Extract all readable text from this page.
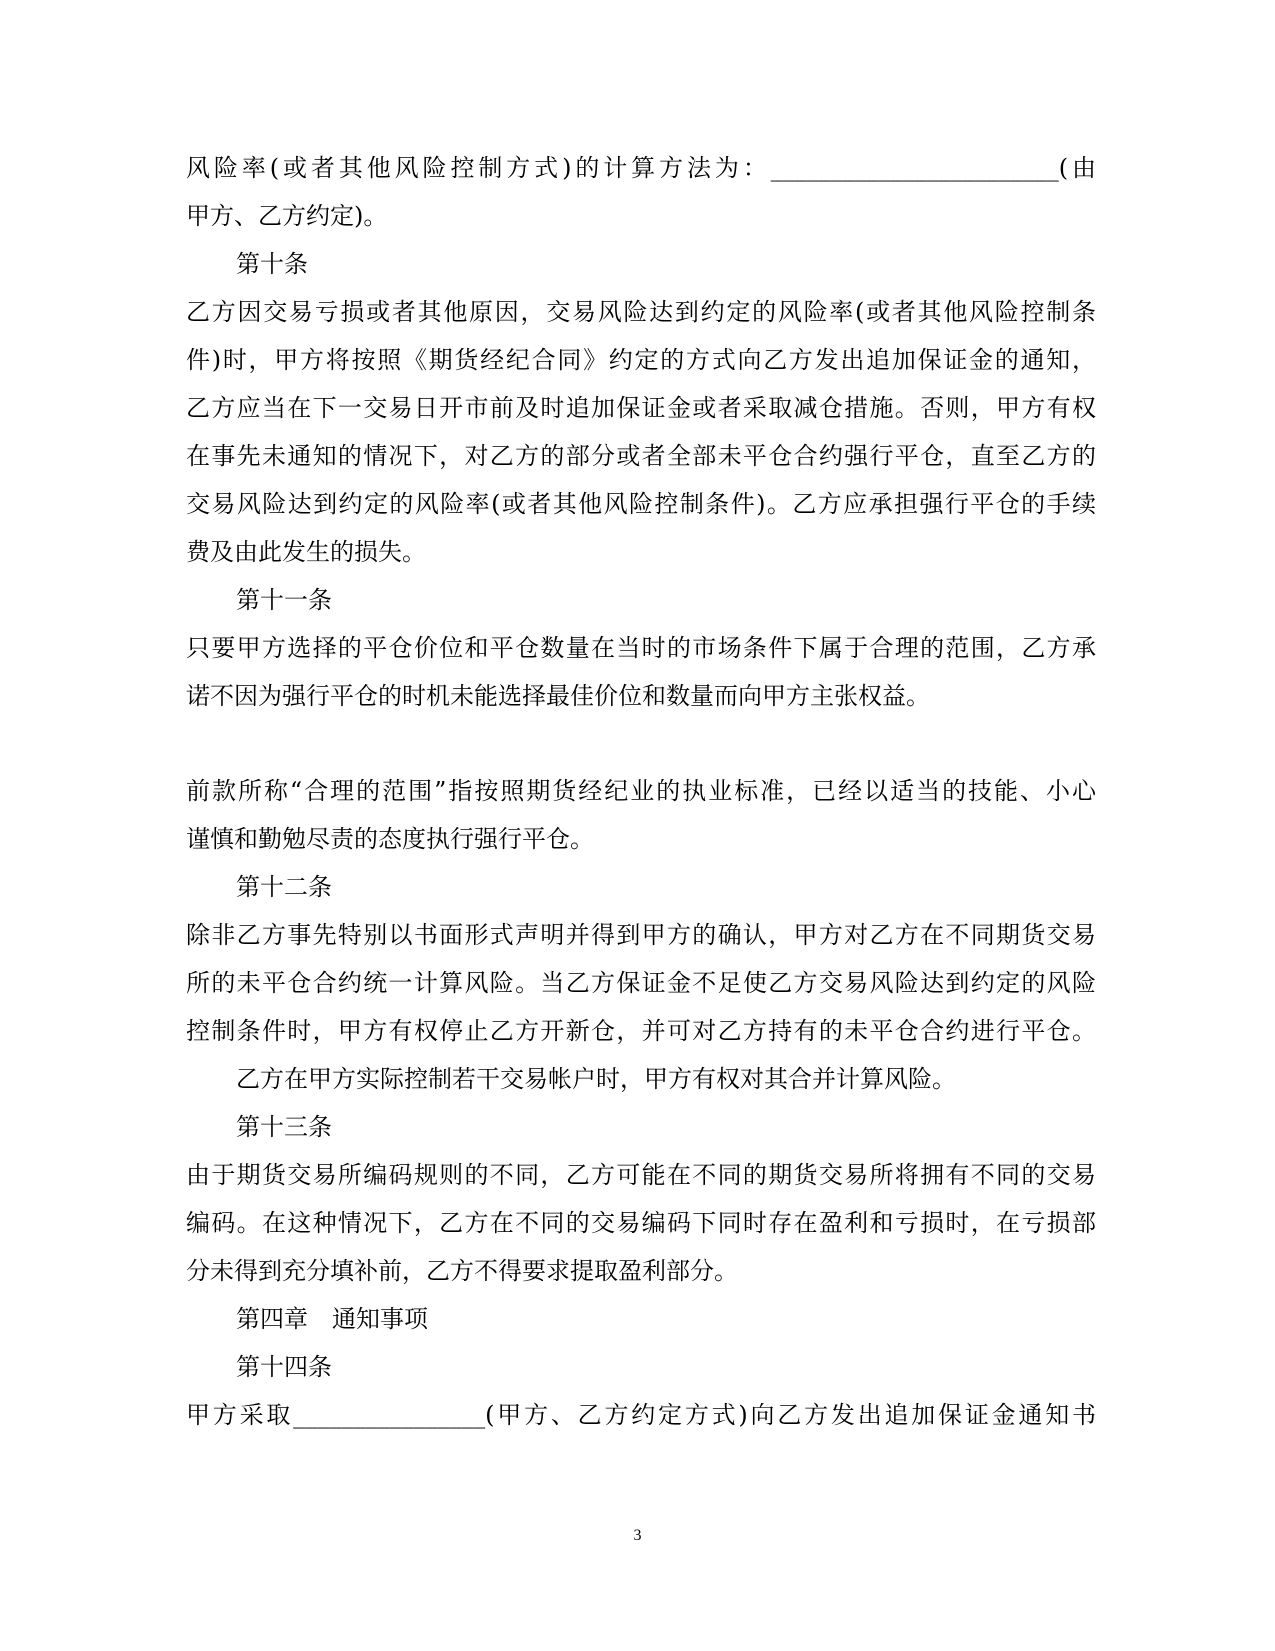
风险率(或者其他风险控制方式)的计算方法为：________________________(由
甲方、乙方约定)。
第十条
乙方因交易亏损或者其他原因，交易风险达到约定的风险率(或者其他风险控制条
件)时，甲方将按照《期货经纪合同》约定的方式向乙方发出追加保证金的通知，
乙方应当在下一交易日开市前及时追加保证金或者采取减仓措施。否则，甲方有权
在事先未通知的情况下，对乙方的部分或者全部未平仓合约强行平仓，直至乙方的
交易风险达到约定的风险率(或者其他风险控制条件)。乙方应承担强行平仓的手续
费及由此发生的损失。
第十一条
只要甲方选择的平仓价位和平仓数量在当时的市场条件下属于合理的范围，乙方承
诺不因为强行平仓的时机未能选择最佳价位和数量而向甲方主张权益。
前款所称“合理的范围”指按照期货经纪业的执业标准，已经以适当的技能、小心
谨慎和勤勉尽责的态度执行强行平仓。
第十二条
除非乙方事先特别以书面形式声明并得到甲方的确认，甲方对乙方在不同期货交易
所的未平仓合约统一计算风险。当乙方保证金不足使乙方交易风险达到约定的风险
控制条件时，甲方有权停止乙方开新仓，并可对乙方持有的未平仓合约进行平仓。
乙方在甲方实际控制若干交易帐户时，甲方有权对其合并计算风险。
第十三条
由于期货交易所编码规则的不同，乙方可能在不同的期货交易所将拥有不同的交易
编码。在这种情况下，乙方在不同的交易编码下同时存在盈利和亏损时，在亏损部
分未得到充分填补前，乙方不得要求提取盈利部分。
第四章　通知事项
第十四条
甲方采取________________(甲方、乙方约定方式)向乙方发出追加保证金通知书
3
